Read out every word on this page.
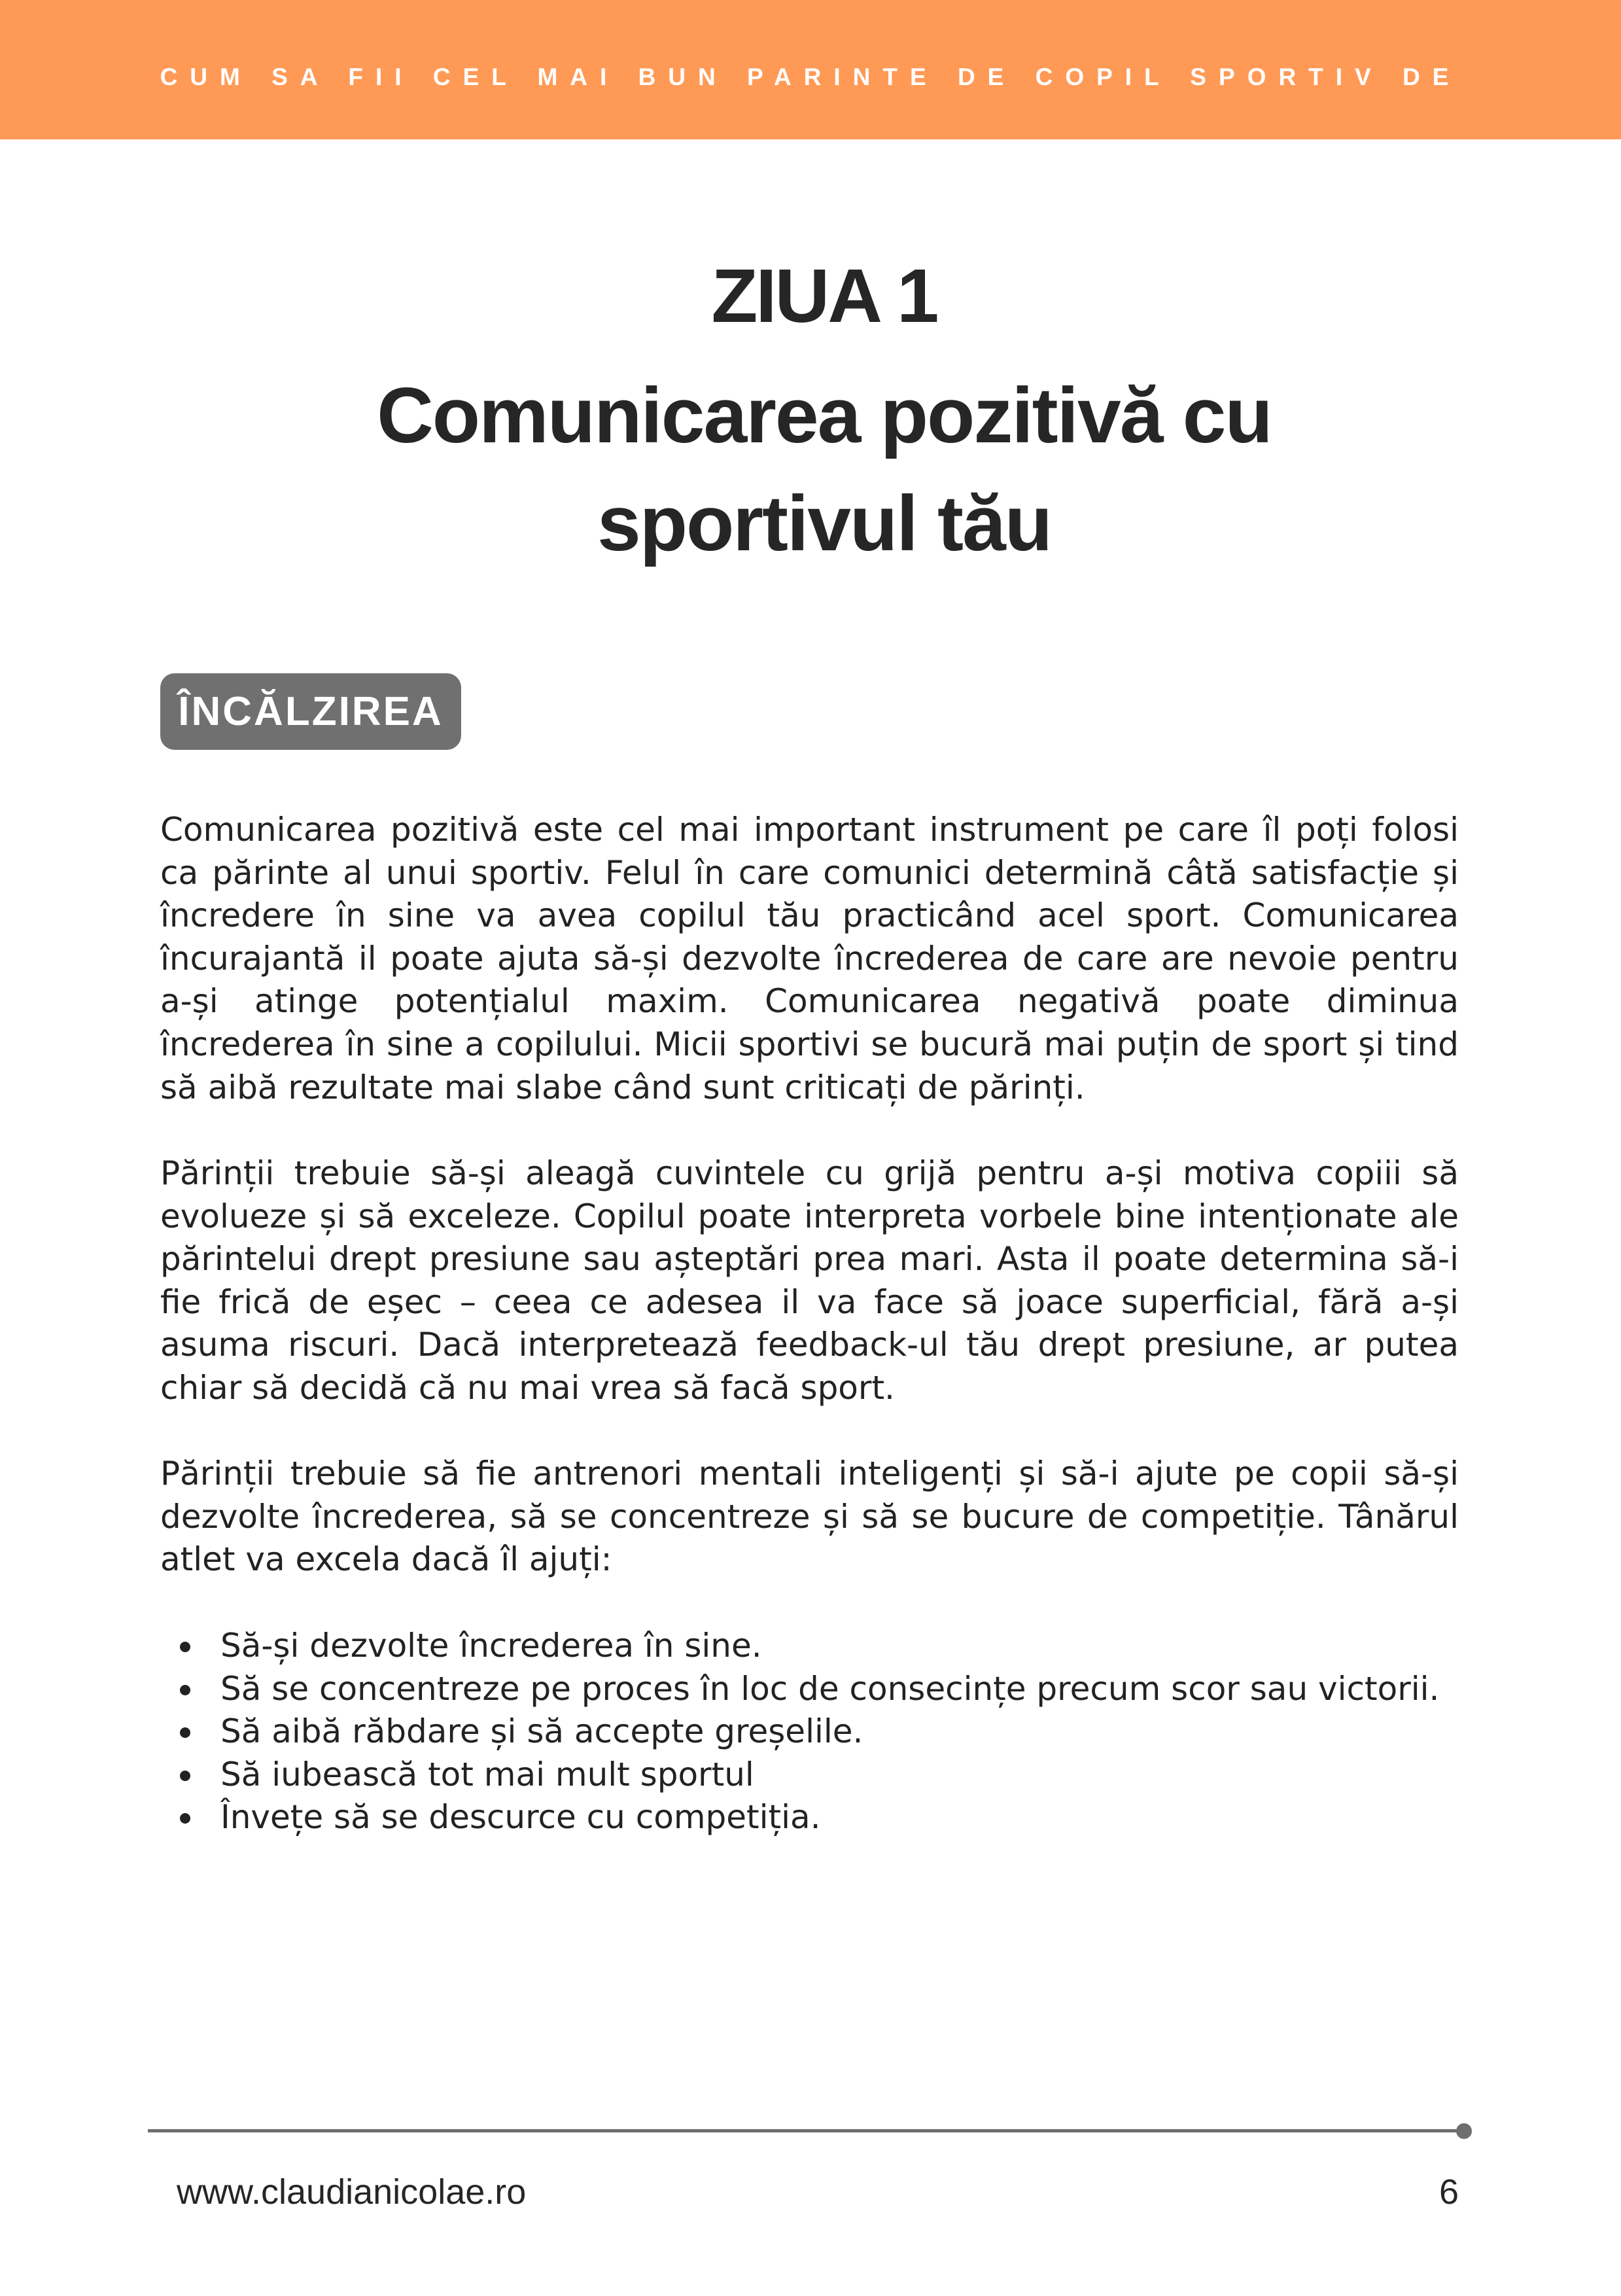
CUM SA FII CEL MAI BUN PARINTE DE COPIL SPORTIV DE PERFORMANTA
ZIUA 1
Comunicarea pozitivă cu
sportivul tău
ÎNCĂLZIREA

Comunicarea pozitivă este cel mai important instrument pe care îl poți folosi ca părinte al unui sportiv. Felul în care comunici determină câtă satisfacție și încredere în sine va avea copilul tău practicând acel sport. Comunicarea încurajantă il poate ajuta să-și dezvolte încrederea de care are nevoie pentru a-și atinge potențialul maxim. Comunicarea negativă poate diminua încrederea în sine a copilului. Micii sportivi se bucură mai puțin de sport și tind să aibă rezultate mai slabe când sunt criticați de părinți.

Părinții trebuie să-și aleagă cuvintele cu grijă pentru a-și motiva copiii să evolueze și să exceleze. Copilul poate interpreta vorbele bine intenționate ale părintelui drept presiune sau așteptări prea mari. Asta il poate determina să-i fie frică de eșec – ceea ce adesea il va face să joace superficial, fără a-și asuma riscuri. Dacă interpretează feedback-ul tău drept presiune, ar putea chiar să decidă că nu mai vrea să facă sport.

Părinții trebuie să fie antrenori mentali inteligenți și să-i ajute pe copii să-și dezvolte încrederea, să se concentreze și să se bucure de competiție. Tânărul atlet va excela dacă îl ajuți:

Să-și dezvolte încrederea în sine.
Să se concentreze pe proces în loc de consecințe precum scor sau victorii.
Să aibă răbdare și să accepte greșelile.
Să iubească tot mai mult sportul
Învețe să se descurce cu competiția.
www.claudianicolae.ro	6
